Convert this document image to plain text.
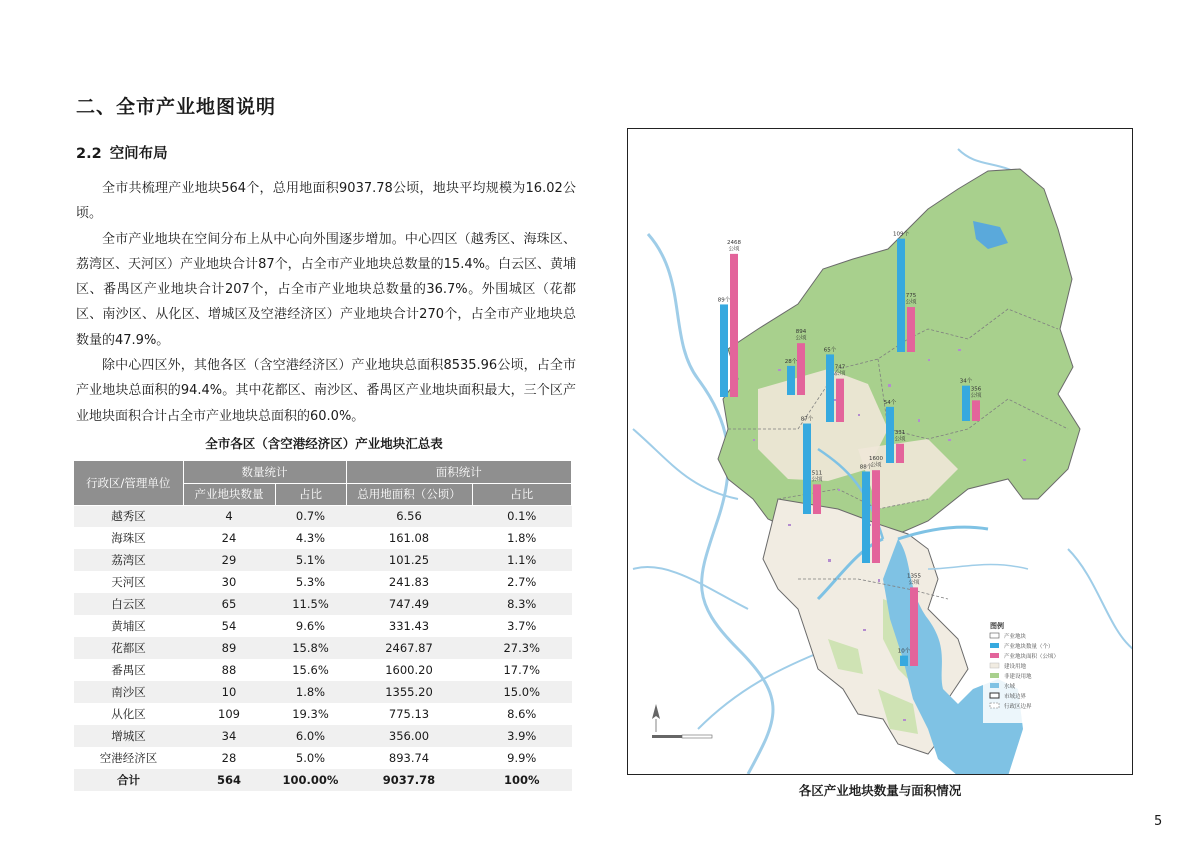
二、全市产业地图说明
2.2 空间布局

全市共梳理产业地块564个，总用地面积9037.78公顷，地块平均规模为16.02公顷。

全市产业地块在空间分布上从中心向外围逐步增加。中心四区（越秀区、海珠区、荔湾区、天河区）产业地块合计87个，占全市产业地块总数量的15.4%。白云区、黄埔区、番禺区产业地块合计207个，占全市产业地块总数量的36.7%。外围城区（花都区、南沙区、从化区、增城区及空港经济区）产业地块合计270个，占全市产业地块总数量的47.9%。

除中心四区外，其他各区（含空港经济区）产业地块总面积8535.96公顷，占全市产业地块总面积的94.4%。其中花都区、南沙区、番禺区产业地块面积最大，三个区产业地块面积合计占全市产业地块总面积的60.0%。

全市各区（含空港经济区）产业地块汇总表
行政区/管理单位	数量统计		面积统计	
	产业地块数量	占比	总用地面积（公顷）	占比
越秀区	4	0.7%	6.56	0.1%
海珠区	24	4.3%	161.08	1.8%
荔湾区	29	5.1%	101.25	1.1%
天河区	30	5.3%	241.83	2.7%
白云区	65	11.5%	747.49	8.3%
黄埔区	54	9.6%	331.43	3.7%
花都区	89	15.8%	2467.87	27.3%
番禺区	88	15.6%	1600.20	17.7%
南沙区	10	1.8%	1355.20	15.0%
从化区	109	19.3%	775.13	8.6%
增城区	34	6.0%	356.00	3.9%
空港经济区	28	5.0%	893.74	9.9%
合计	564	100.00%	9037.78	100%
89个
2468
公顷
109个
775
公顷
28个
894
公顷
65个
747
公顷
34个
356
公顷
54个
331
公顷
87个
511
公顷
88个
1600
公顷
10个
1355
公顷
图例
产业地块
产业地块数量（个）
产业地块面积（公顷）
建设用地
非建设用地
水域
市域边界
行政区边界
各区产业地块数量与面积情况
5
